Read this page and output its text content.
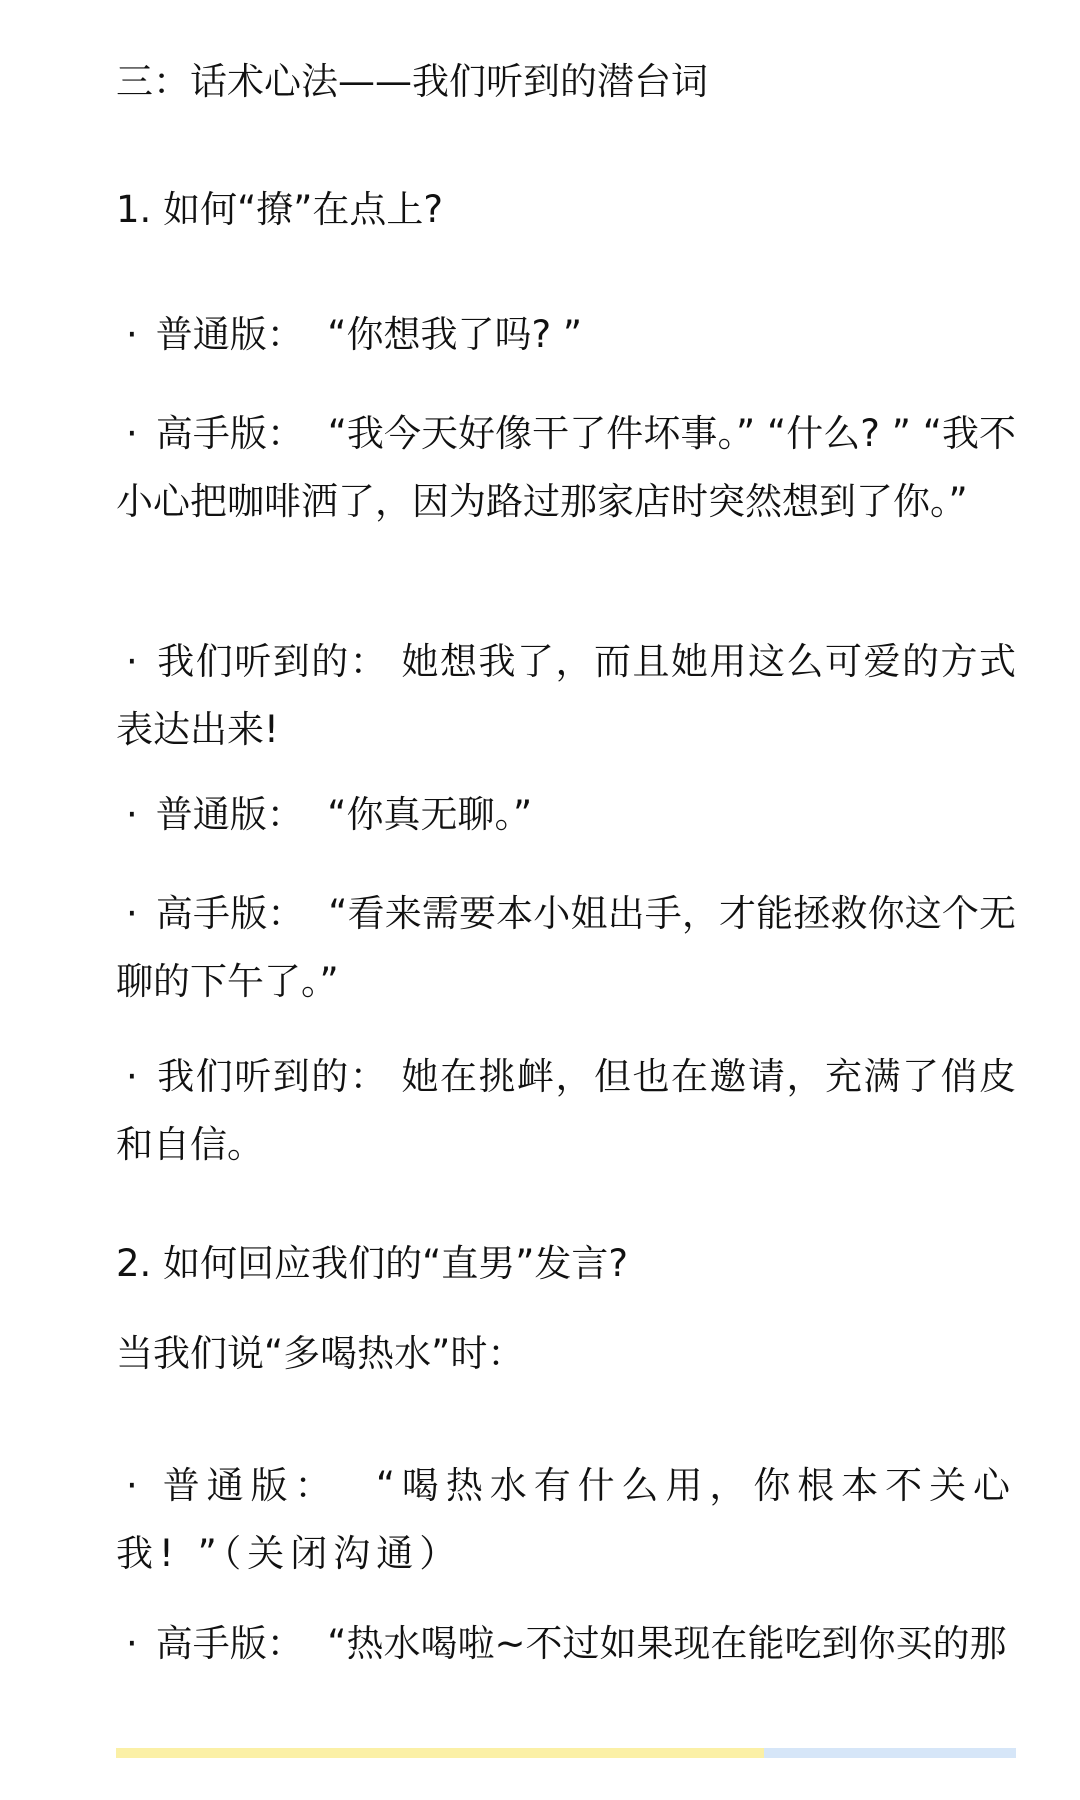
三：话术心法——我们听到的潜台词
1. 如何“撩”在点上?

· 普通版： “你想我了吗? ”

· 高手版： “我今天好像干了件坏事。” “什么? ” “我不小心把咖啡洒了，因为路过那家店时突然想到了你。”

· 我们听到的： 她想我了，而且她用这么可爱的方式表达出来!

· 普通版： “你真无聊。”

· 高手版： “看来需要本小姐出手，才能拯救你这个无聊的下午了。”

· 我们听到的： 她在挑衅，但也在邀请，充满了俏皮和自信。

2. 如何回应我们的“直男”发言?

当我们说“多喝热水”时：

· 普通版： “喝热水有什么用，你根本不关心我! ”（关闭沟通）

· 高手版： “热水喝啦~不过如果现在能吃到你买的那
